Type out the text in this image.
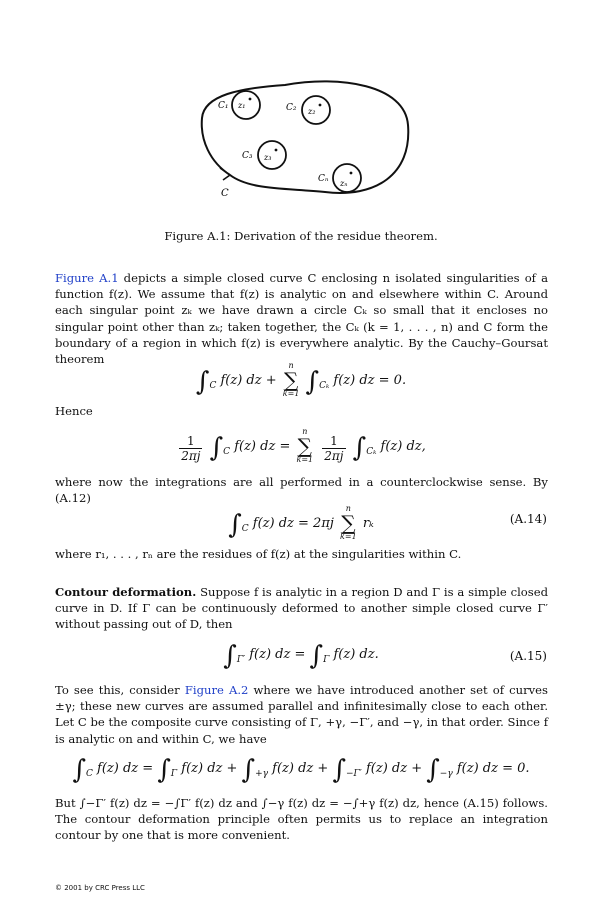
C₁ z₁	C₂ z₂
C₃ z₃
Cₙ zₙ
C
Figure A.1: Derivation of the residue theorem.
Figure A.1 depicts a simple closed curve C enclosing n isolated singularities of a function f(z). We assume that f(z) is analytic on and elsewhere within C. Around each singular point zₖ we have drawn a circle Cₖ so small that it encloses no singular point other than zₖ; taken together, the Cₖ (k = 1, . . . , n) and C form the boundary of a region in which f(z) is everywhere analytic. By the Cauchy–Goursat theorem
$\int_C$ f(z) dz +
n
∑
k=1 $\int_{C_k}$ f(z) dz = 0.
Hence
$\frac{1}{2\pi j} \int_C$ f(z) dz =
n
∑
k=1
$\frac{1}{2\pi j} \int_{C_k}$ f(z) dz,
where now the integrations are all performed in a counterclockwise sense. By (A.12)
$\int_C$ f(z) dz = 2πj
n
∑
k=1
rₖ	(A.14)
where r₁, . . . , rₙ are the residues of f(z) at the singularities within C.
Contour deformation. Suppose f is analytic in a region D and Γ is a simple closed curve in D. If Γ can be continuously deformed to another simple closed curve Γ′ without passing out of D, then
$\int_{\Gamma'}$ f(z) dz = $\int_\Gamma$ f(z) dz.	(A.15)
To see this, consider Figure A.2 where we have introduced another set of curves ±γ; these new curves are assumed parallel and infinitesimally close to each other. Let C be the composite curve consisting of Γ, +γ, −Γ′, and −γ, in that order. Since f is analytic on and within C, we have
$\int_C$ f(z) dz = $\int_\Gamma$ f(z) dz + $\int_{+\gamma}$ f(z) dz + $\int_{-\Gamma'}$ f(z) dz + $\int_{-\gamma}$ f(z) dz = 0.
But ∫−Γ′ f(z) dz = −∫Γ′ f(z) dz and ∫−γ f(z) dz = −∫+γ f(z) dz, hence (A.15) follows. The contour deformation principle often permits us to replace an integration contour by one that is more convenient.
© 2001 by CRC Press LLC
